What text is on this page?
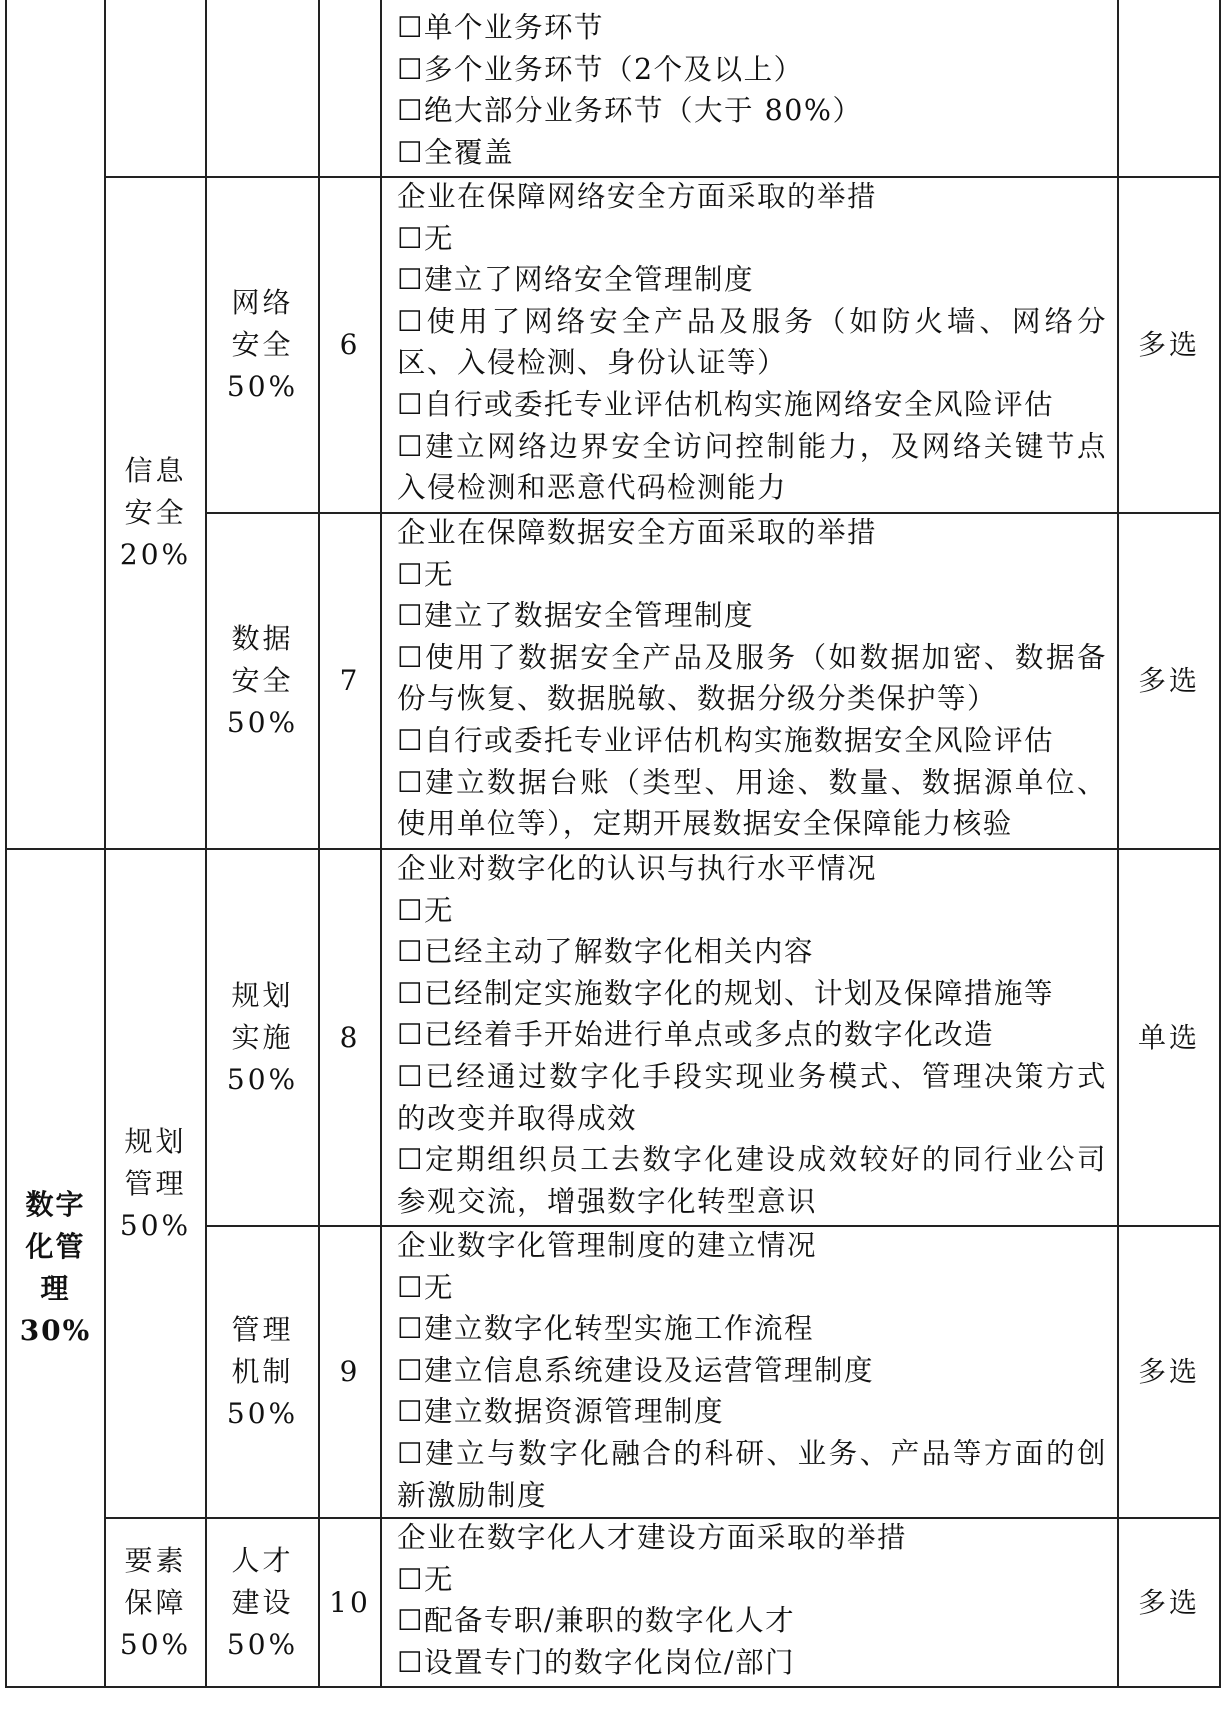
☐单个业务环节

☐多个业务环节（2个及以上）

☐绝大部分业务环节（大于 80%）

☐全覆盖

信息
安全
20%
网络
安全
50%
6

企业在保障网络安全方面采取的举措

☐无

☐建立了网络安全管理制度

☐使用了网络安全产品及服务（如防火墙、网络分区、入侵检测、身份认证等）

☐自行或委托专业评估机构实施网络安全风险评估

☐建立网络边界安全访问控制能力，及网络关键节点入侵检测和恶意代码检测能力

多选
数据
安全
50%
7

企业在保障数据安全方面采取的举措

☐无

☐建立了数据安全管理制度

☐使用了数据安全产品及服务（如数据加密、数据备份与恢复、数据脱敏、数据分级分类保护等）

☐自行或委托专业评估机构实施数据安全风险评估

☐建立数据台账（类型、用途、数量、数据源单位、使用单位等），定期开展数据安全保障能力核验

多选
数字
化管
理
30%
规划
管理
50%
规划
实施
50%
8

企业对数字化的认识与执行水平情况

☐无

☐已经主动了解数字化相关内容

☐已经制定实施数字化的规划、计划及保障措施等

☐已经着手开始进行单点或多点的数字化改造

☐已经通过数字化手段实现业务模式、管理决策方式的改变并取得成效

☐定期组织员工去数字化建设成效较好的同行业公司参观交流，增强数字化转型意识

单选
管理
机制
50%
9

企业数字化管理制度的建立情况

☐无

☐建立数字化转型实施工作流程

☐建立信息系统建设及运营管理制度

☐建立数据资源管理制度

☐建立与数字化融合的科研、业务、产品等方面的创新激励制度

多选
要素
保障
50%
人才
建设
50%
10

企业在数字化人才建设方面采取的举措

☐无

☐配备专职/兼职的数字化人才

☐设置专门的数字化岗位/部门

多选
